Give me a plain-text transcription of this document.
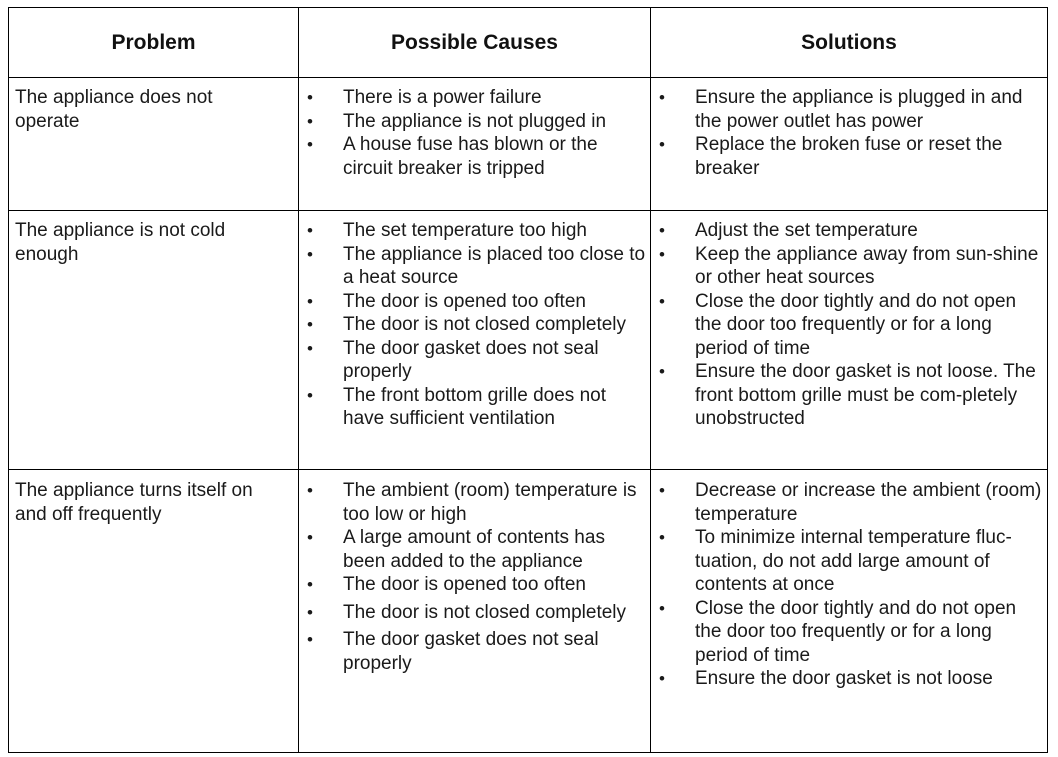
Problem	Possible Causes	Solutions
The appliance does not operate
• There is a power failure
• The appliance is not plugged in
• A house fuse has blown or the circuit breaker is tripped
• Ensure the appliance is plugged in and the power outlet has power
• Replace the broken fuse or reset the breaker
The appliance is not cold enough
• The set temperature too high
• The appliance is placed too close to a heat source
• The door is opened too often
• The door is not closed completely
• The door gasket does not seal properly
• The front bottom grille does not have sufficient ventilation
• Adjust the set temperature
• Keep the appliance away from sun-shine or other heat sources
• Close the door tightly and do not open the door too frequently or for a long period of time
• Ensure the door gasket is not loose. The front bottom grille must be com-pletely unobstructed
The appliance turns itself on and off frequently
• The ambient (room) temperature is too low or high
• A large amount of contents has been added to the appliance
• The door is opened too often
• The door is not closed completely
• The door gasket does not seal properly
• Decrease or increase the ambient (room) temperature
• To minimize internal temperature fluc-tuation, do not add large amount of contents at once
• Close the door tightly and do not open the door too frequently or for a long period of time
• Ensure the door gasket is not loose
